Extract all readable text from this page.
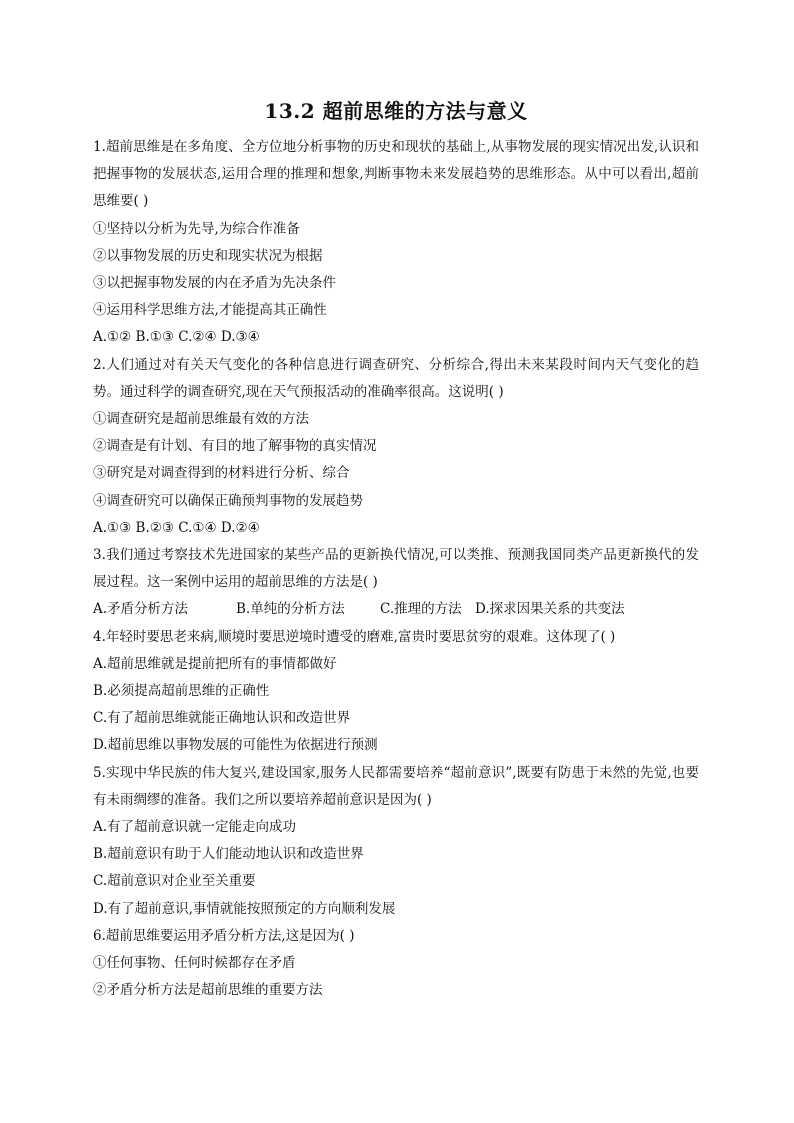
13.2 超前思维的方法与意义

1.超前思维是在多角度、全方位地分析事物的历史和现状的基础上,从事物发展的现实情况出发,认识和把握事物的发展状态,运用合理的推理和想象,判断事物未来发展趋势的思维形态。从中可以看出,超前思维要( )

①坚持以分析为先导,为综合作准备

②以事物发展的历史和现实状况为根据

③以把握事物发展的内在矛盾为先决条件

④运用科学思维方法,才能提高其正确性

A.①② B.①③ C.②④ D.③④

2.人们通过对有关天气变化的各种信息进行调查研究、分析综合,得出未来某段时间内天气变化的趋势。通过科学的调查研究,现在天气预报活动的准确率很高。这说明( )

①调查研究是超前思维最有效的方法

②调查是有计划、有目的地了解事物的真实情况

③研究是对调查得到的材料进行分析、综合

④调查研究可以确保正确预判事物的发展趋势

A.①③ B.②③ C.①④ D.②④

3.我们通过考察技术先进国家的某些产品的更新换代情况,可以类推、预测我国同类产品更新换代的发展过程。这一案例中运用的超前思维的方法是( )

A.矛盾分析方法	B.单纯的分析方法	C.推理的方法 D.探求因果关系的共变法

4.年轻时要思老来病,顺境时要思逆境时遭受的磨难,富贵时要思贫穷的艰难。这体现了( )

A.超前思维就是提前把所有的事情都做好

B.必须提高超前思维的正确性

C.有了超前思维就能正确地认识和改造世界

D.超前思维以事物发展的可能性为依据进行预测

5.实现中华民族的伟大复兴,建设国家,服务人民都需要培养“超前意识”,既要有防患于未然的先觉,也要有未雨绸缪的准备。我们之所以要培养超前意识是因为( )

A.有了超前意识就一定能走向成功

B.超前意识有助于人们能动地认识和改造世界

C.超前意识对企业至关重要

D.有了超前意识,事情就能按照预定的方向顺利发展

6.超前思维要运用矛盾分析方法,这是因为( )

①任何事物、任何时候都存在矛盾

②矛盾分析方法是超前思维的重要方法
